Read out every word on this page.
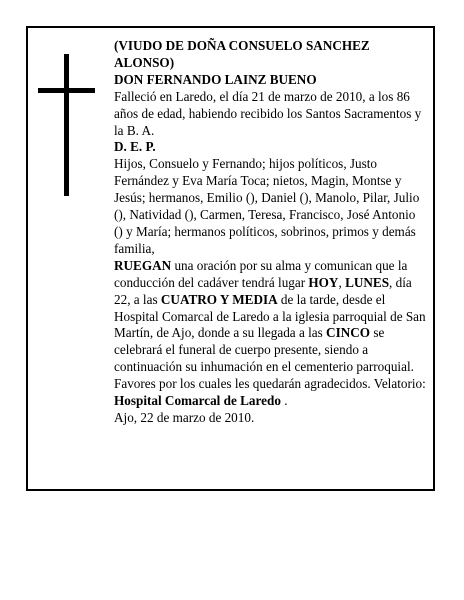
(VIUDO DE DOÑA CONSUELO SANCHEZ ALONSO)

DON FERNANDO LAINZ BUENO

Falleció en Laredo, el día 21 de marzo de 2010, a los 86 años de edad, habiendo recibido los Santos Sacramentos y la B. A.

D. E. P.

Hijos, Consuelo y Fernando; hijos políticos, Justo Fernández y Eva María Toca; nietos, Magin, Montse y Jesús; hermanos, Emilio (), Daniel (), Manolo, Pilar, Julio (), Natividad (), Carmen, Teresa, Francisco, José Antonio () y María; hermanos políticos, sobrinos, primos y demás familia,

RUEGAN una oración por su alma y comunican que la conducción del cadáver tendrá lugar HOY, LUNES, día 22, a las CUATRO Y MEDIA de la tarde, desde el Hospital Comarcal de Laredo a la iglesia parroquial de San Martín, de Ajo, donde a su llegada a las CINCO se celebrará el funeral de cuerpo presente, siendo a continuación su inhumación en el cementerio parroquial. Favores por los cuales les quedarán agradecidos. Velatorio: Hospital Comarcal de Laredo .

Ajo, 22 de marzo de 2010.
